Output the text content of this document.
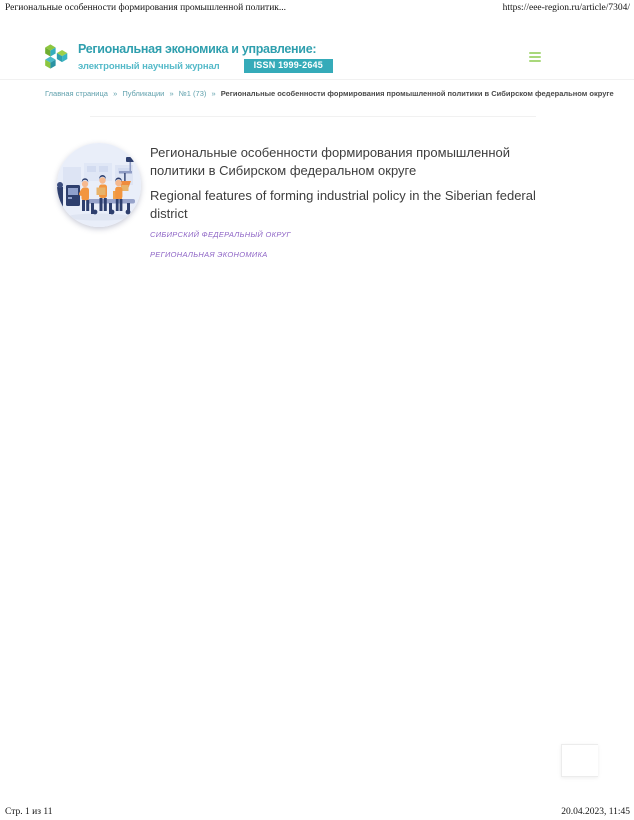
Региональные особенности формирования промышленной политик...	https://eee-region.ru/article/7304/
Региональная экономика и управление:
электронный научный журнал	ISSN 1999-2645
Главная страница » Публикации » №1 (73) » Региональные особенности формирования промышленной политики в Сибирском федеральном округе
Региональные особенности формирования промышленной политики в Сибирском федеральном округе
Regional features of forming industrial policy in the Siberian federal district
СИБИРСКИЙ ФЕДЕРАЛЬНЫЙ ОКРУГ
РЕГИОНАЛЬНАЯ ЭКОНОМИКА
Стр. 1 из 11	20.04.2023, 11:45
